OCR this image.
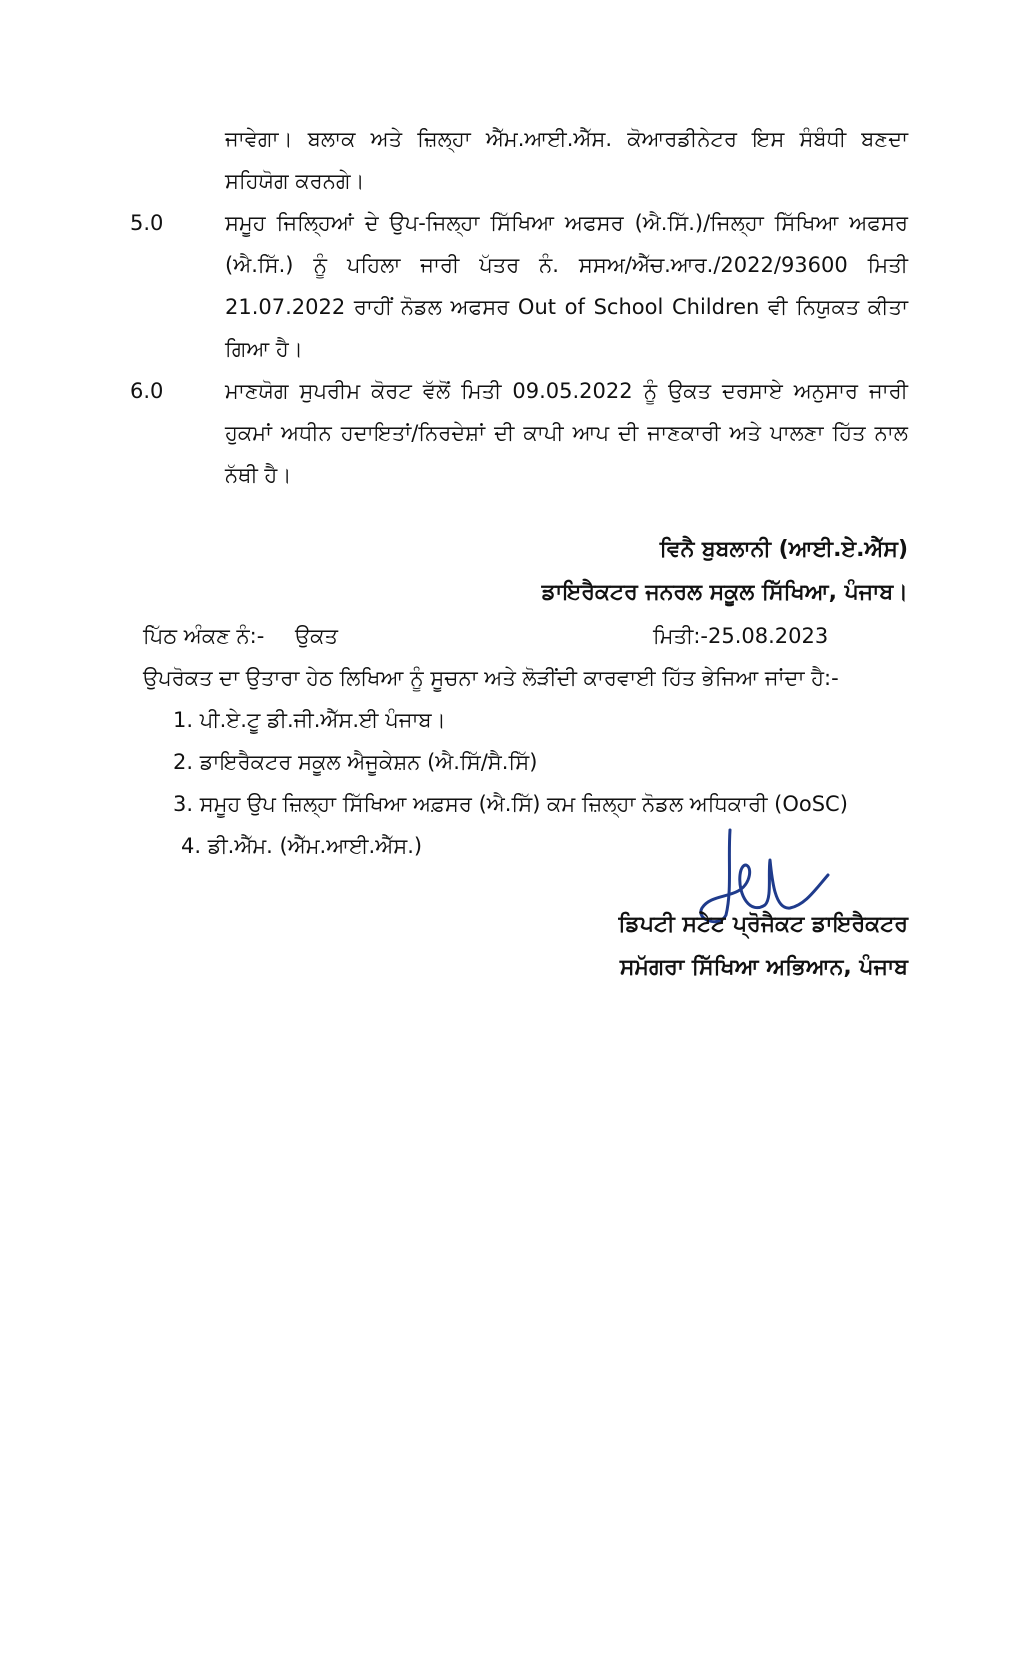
ਜਾਵੇਗਾ। ਬਲਾਕ ਅਤੇ ਜ਼ਿਲ੍ਹਾ ਐੱਮ.ਆਈ.ਐੱਸ. ਕੋਆਰਡੀਨੇਟਰ ਇਸ ਸੰਬੰਧੀ ਬਣਦਾ ਸਹਿਯੋਗ ਕਰਨਗੇ।
5.0	ਸਮੂਹ ਜਿਲ੍ਹਿਆਂ ਦੇ ਉਪ-ਜਿਲ੍ਹਾ ਸਿੱਖਿਆ ਅਫਸਰ (ਐ.ਸਿੱ.)/ਜਿਲ੍ਹਾ ਸਿੱਖਿਆ ਅਫਸਰ (ਐ.ਸਿੱ.) ਨੂੰ ਪਹਿਲਾ ਜਾਰੀ ਪੱਤਰ ਨੰ. ਸਸਅ/ਐੱਚ.ਆਰ./2022/93600 ਮਿਤੀ 21.07.2022 ਰਾਹੀਂ ਨੋਡਲ ਅਫਸਰ Out of School Children ਵੀ ਨਿਯੁਕਤ ਕੀਤਾ ਗਿਆ ਹੈ।
6.0	ਮਾਣਯੋਗ ਸੁਪਰੀਮ ਕੋਰਟ ਵੱਲੋਂ ਮਿਤੀ 09.05.2022 ਨੂੰ ਉਕਤ ਦਰਸਾਏ ਅਨੁਸਾਰ ਜਾਰੀ ਹੁਕਮਾਂ ਅਧੀਨ ਹਦਾਇਤਾਂ/ਨਿਰਦੇਸ਼ਾਂ ਦੀ ਕਾਪੀ ਆਪ ਦੀ ਜਾਣਕਾਰੀ ਅਤੇ ਪਾਲਣਾ ਹਿੱਤ ਨਾਲ ਨੱਥੀ ਹੈ।
ਵਿਨੈ ਬੁਬਲਾਨੀ (ਆਈ.ਏ.ਐੱਸ)
ਡਾਇਰੈਕਟਰ ਜਨਰਲ ਸਕੂਲ ਸਿੱਖਿਆ, ਪੰਜਾਬ।
ਪਿੱਠ ਅੰਕਣ ਨੰ:- ਉਕਤ	ਮਿਤੀ:-25.08.2023
ਉਪਰੋਕਤ ਦਾ ਉਤਾਰਾ ਹੇਠ ਲਿਖਿਆ ਨੂੰ ਸੂਚਨਾ ਅਤੇ ਲੋੜੀਂਦੀ ਕਾਰਵਾਈ ਹਿੱਤ ਭੇਜਿਆ ਜਾਂਦਾ ਹੈ:-
1. ਪੀ.ਏ.ਟੂ ਡੀ.ਜੀ.ਐੱਸ.ਈ ਪੰਜਾਬ।
2. ਡਾਇਰੈਕਟਰ ਸਕੂਲ ਐਜੂਕੇਸ਼ਨ (ਐ.ਸਿੱ/ਸੈ.ਸਿੱ)
3. ਸਮੂਹ ਉਪ ਜ਼ਿਲ੍ਹਾ ਸਿੱਖਿਆ ਅਫ਼ਸਰ (ਐ.ਸਿੱ) ਕਮ ਜ਼ਿਲ੍ਹਾ ਨੋਡਲ ਅਧਿਕਾਰੀ (OoSC)
4. ਡੀ.ਐੱਮ. (ਐੱਮ.ਆਈ.ਐੱਸ.)
ਡਿਪਟੀ ਸਟੇਟ ਪ੍ਰੋਜੈਕਟ ਡਾਇਰੈਕਟਰ
ਸਮੱਗਰਾ ਸਿੱਖਿਆ ਅਭਿਆਨ, ਪੰਜਾਬ
